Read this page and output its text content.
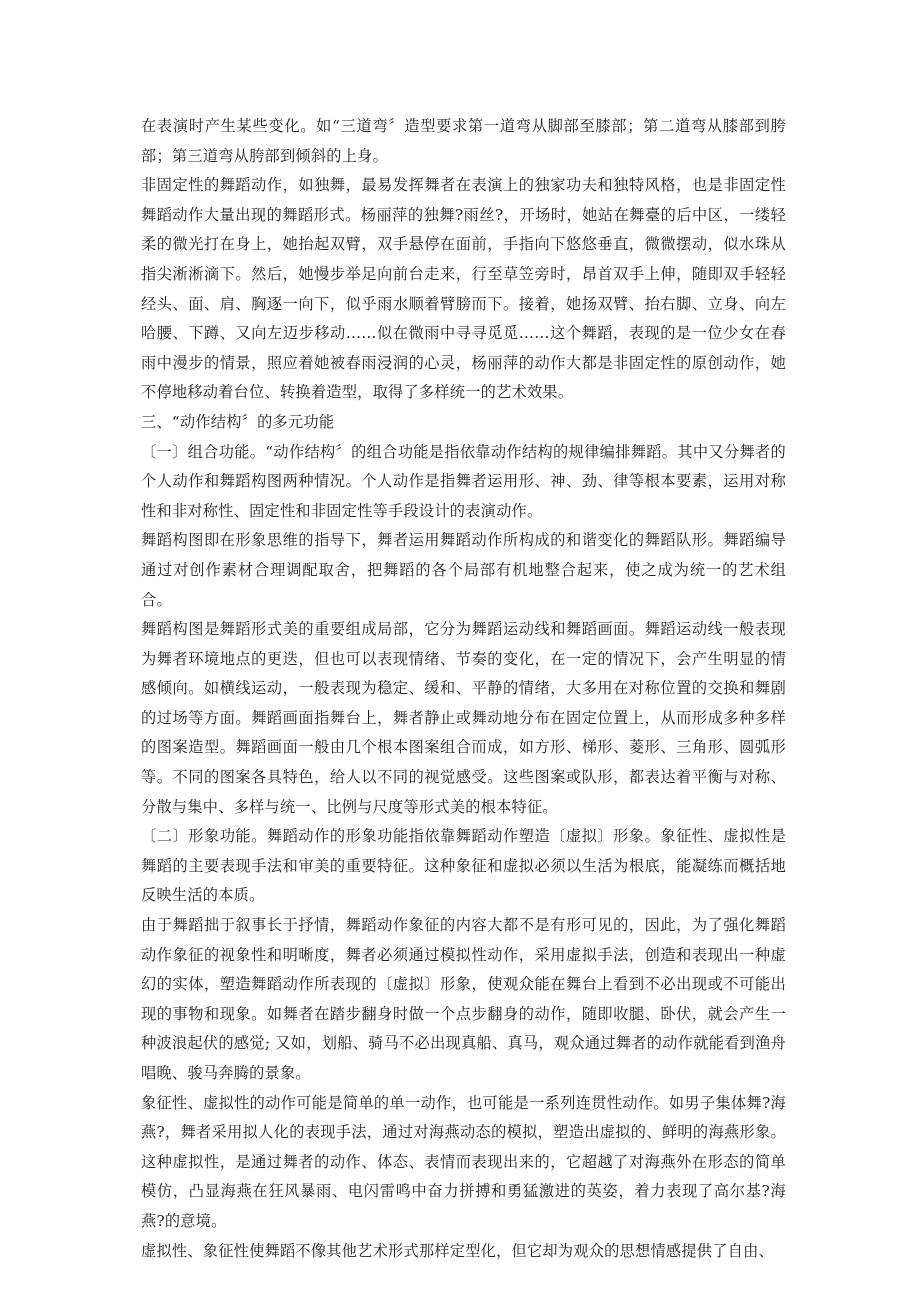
在表演时产生某些变化。如“三道弯〞造型要求第一道弯从脚部至膝部；第二道弯从膝部到胯部；第三道弯从胯部到倾斜的上身。

非固定性的舞蹈动作，如独舞，最易发挥舞者在表演上的独家功夫和独特风格，也是非固定性舞蹈动作大量出现的舞蹈形式。杨丽萍的独舞?雨丝?，开场时，她站在舞臺的后中区，一缕轻柔的微光打在身上，她抬起双臂，双手悬停在面前，手指向下悠悠垂直，微微摆动，似水珠从指尖淅淅滴下。然后，她慢步举足向前台走来，行至草笠旁时，昂首双手上伸，随即双手轻轻经头、面、肩、胸逐一向下，似乎雨水顺着臂膀而下。接着，她扬双臂、抬右脚、立身、向左哈腰、下蹲、又向左迈步移动……似在微雨中寻寻觅觅……这个舞蹈，表现的是一位少女在春雨中漫步的情景，照应着她被春雨浸润的心灵，杨丽萍的动作大都是非固定性的原创动作，她不停地移动着台位、转换着造型，取得了多样统一的艺术效果。

三、“动作结构〞的多元功能

〔一〕组合功能。“动作结构〞的组合功能是指依靠动作结构的规律编排舞蹈。其中又分舞者的个人动作和舞蹈构图两种情况。个人动作是指舞者运用形、神、劲、律等根本要素，运用对称性和非对称性、固定性和非固定性等手段设计的表演动作。

舞蹈构图即在形象思维的指导下，舞者运用舞蹈动作所构成的和谐变化的舞蹈队形。舞蹈编导通过对创作素材合理调配取舍，把舞蹈的各个局部有机地整合起来，使之成为统一的艺术组合。

舞蹈构图是舞蹈形式美的重要组成局部，它分为舞蹈运动线和舞蹈画面。舞蹈运动线一般表现为舞者环境地点的更迭，但也可以表现情绪、节奏的变化，在一定的情况下，会产生明显的情感倾向。如横线运动，一般表现为稳定、缓和、平静的情绪，大多用在对称位置的交换和舞剧的过场等方面。舞蹈画面指舞台上，舞者静止或舞动地分布在固定位置上，从而形成多种多样的图案造型。舞蹈画面一般由几个根本图案组合而成，如方形、梯形、菱形、三角形、圆弧形等。不同的图案各具特色，给人以不同的视觉感受。这些图案或队形，都表达着平衡与对称、分散与集中、多样与统一、比例与尺度等形式美的根本特征。

〔二〕形象功能。舞蹈动作的形象功能指依靠舞蹈动作塑造〔虚拟〕形象。象征性、虚拟性是舞蹈的主要表现手法和审美的重要特征。这种象征和虚拟必须以生活为根底，能凝练而概括地反映生活的本质。

由于舞蹈拙于叙事长于抒情，舞蹈动作象征的内容大都不是有形可见的，因此，为了强化舞蹈动作象征的视象性和明晰度，舞者必须通过模拟性动作，采用虚拟手法，创造和表现出一种虚幻的实体，塑造舞蹈动作所表现的〔虚拟〕形象，使观众能在舞台上看到不必出现或不可能出现的事物和现象。如舞者在踏步翻身时做一个点步翻身的动作，随即收腿、卧伏，就会产生一种波浪起伏的感觉; 又如，划船、骑马不必出现真船、真马，观众通过舞者的动作就能看到渔舟唱晚、骏马奔腾的景象。

象征性、虚拟性的动作可能是简单的单一动作，也可能是一系列连贯性动作。如男子集体舞?海燕?，舞者采用拟人化的表现手法，通过对海燕动态的模拟，塑造出虚拟的、鲜明的海燕形象。这种虚拟性，是通过舞者的动作、体态、表情而表现出来的，它超越了对海燕外在形态的简单模仿，凸显海燕在狂风暴雨、电闪雷鸣中奋力拼搏和勇猛激进的英姿，着力表现了高尔基?海燕?的意境。

虚拟性、象征性使舞蹈不像其他艺术形式那样定型化，但它却为观众的思想情感提供了自由、
